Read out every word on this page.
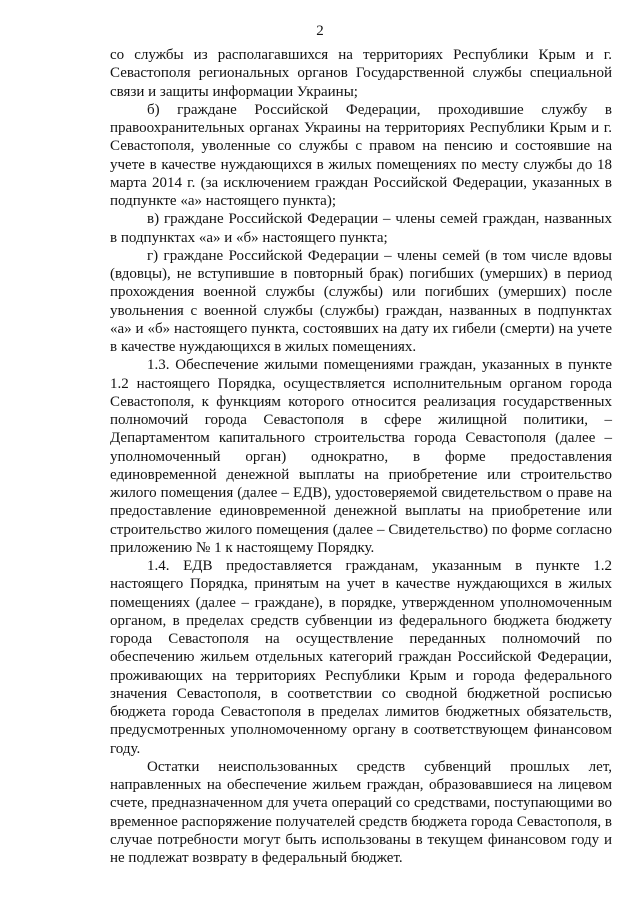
2

со службы из располагавшихся на территориях Республики Крым и г. Севастополя региональных органов Государственной службы специальной связи и защиты информации Украины;

б) граждане Российской Федерации, проходившие службу в правоохранительных органах Украины на территориях Республики Крым и г. Севастополя, уволенные со службы с правом на пенсию и состоявшие на учете в качестве нуждающихся в жилых помещениях по месту службы до 18 марта 2014 г. (за исключением граждан Российской Федерации, указанных в подпункте «а» настоящего пункта);

в) граждане Российской Федерации – члены семей граждан, названных в подпунктах «а» и «б» настоящего пункта;

г) граждане Российской Федерации – члены семей (в том числе вдовы (вдовцы), не вступившие в повторный брак) погибших (умерших) в период прохождения военной службы (службы) или погибших (умерших) после увольнения с военной службы (службы) граждан, названных в подпунктах «а» и «б» настоящего пункта, состоявших на дату их гибели (смерти) на учете в качестве нуждающихся в жилых помещениях.

1.3. Обеспечение жилыми помещениями граждан, указанных в пункте 1.2 настоящего Порядка, осуществляется исполнительным органом города Севастополя, к функциям которого относится реализация государственных полномочий города Севастополя в сфере жилищной политики, – Департаментом капитального строительства города Севастополя (далее – уполномоченный орган) однократно, в форме предоставления единовременной денежной выплаты на приобретение или строительство жилого помещения (далее – ЕДВ), удостоверяемой свидетельством о праве на предоставление единовременной денежной выплаты на приобретение или строительство жилого помещения (далее – Свидетельство) по форме согласно приложению № 1 к настоящему Порядку.

1.4. ЕДВ предоставляется гражданам, указанным в пункте 1.2 настоящего Порядка, принятым на учет в качестве нуждающихся в жилых помещениях (далее – граждане), в порядке, утвержденном уполномоченным органом, в пределах средств субвенции из федерального бюджета бюджету города Севастополя на осуществление переданных полномочий по обеспечению жильем отдельных категорий граждан Российской Федерации, проживающих на территориях Республики Крым и города федерального значения Севастополя, в соответствии со сводной бюджетной росписью бюджета города Севастополя в пределах лимитов бюджетных обязательств, предусмотренных уполномоченному органу в соответствующем финансовом году.

Остатки неиспользованных средств субвенций прошлых лет, направленных на обеспечение жильем граждан, образовавшиеся на лицевом счете, предназначенном для учета операций со средствами, поступающими во временное распоряжение получателей средств бюджета города Севастополя, в случае потребности могут быть использованы в текущем финансовом году и не подлежат возврату в федеральный бюджет.
